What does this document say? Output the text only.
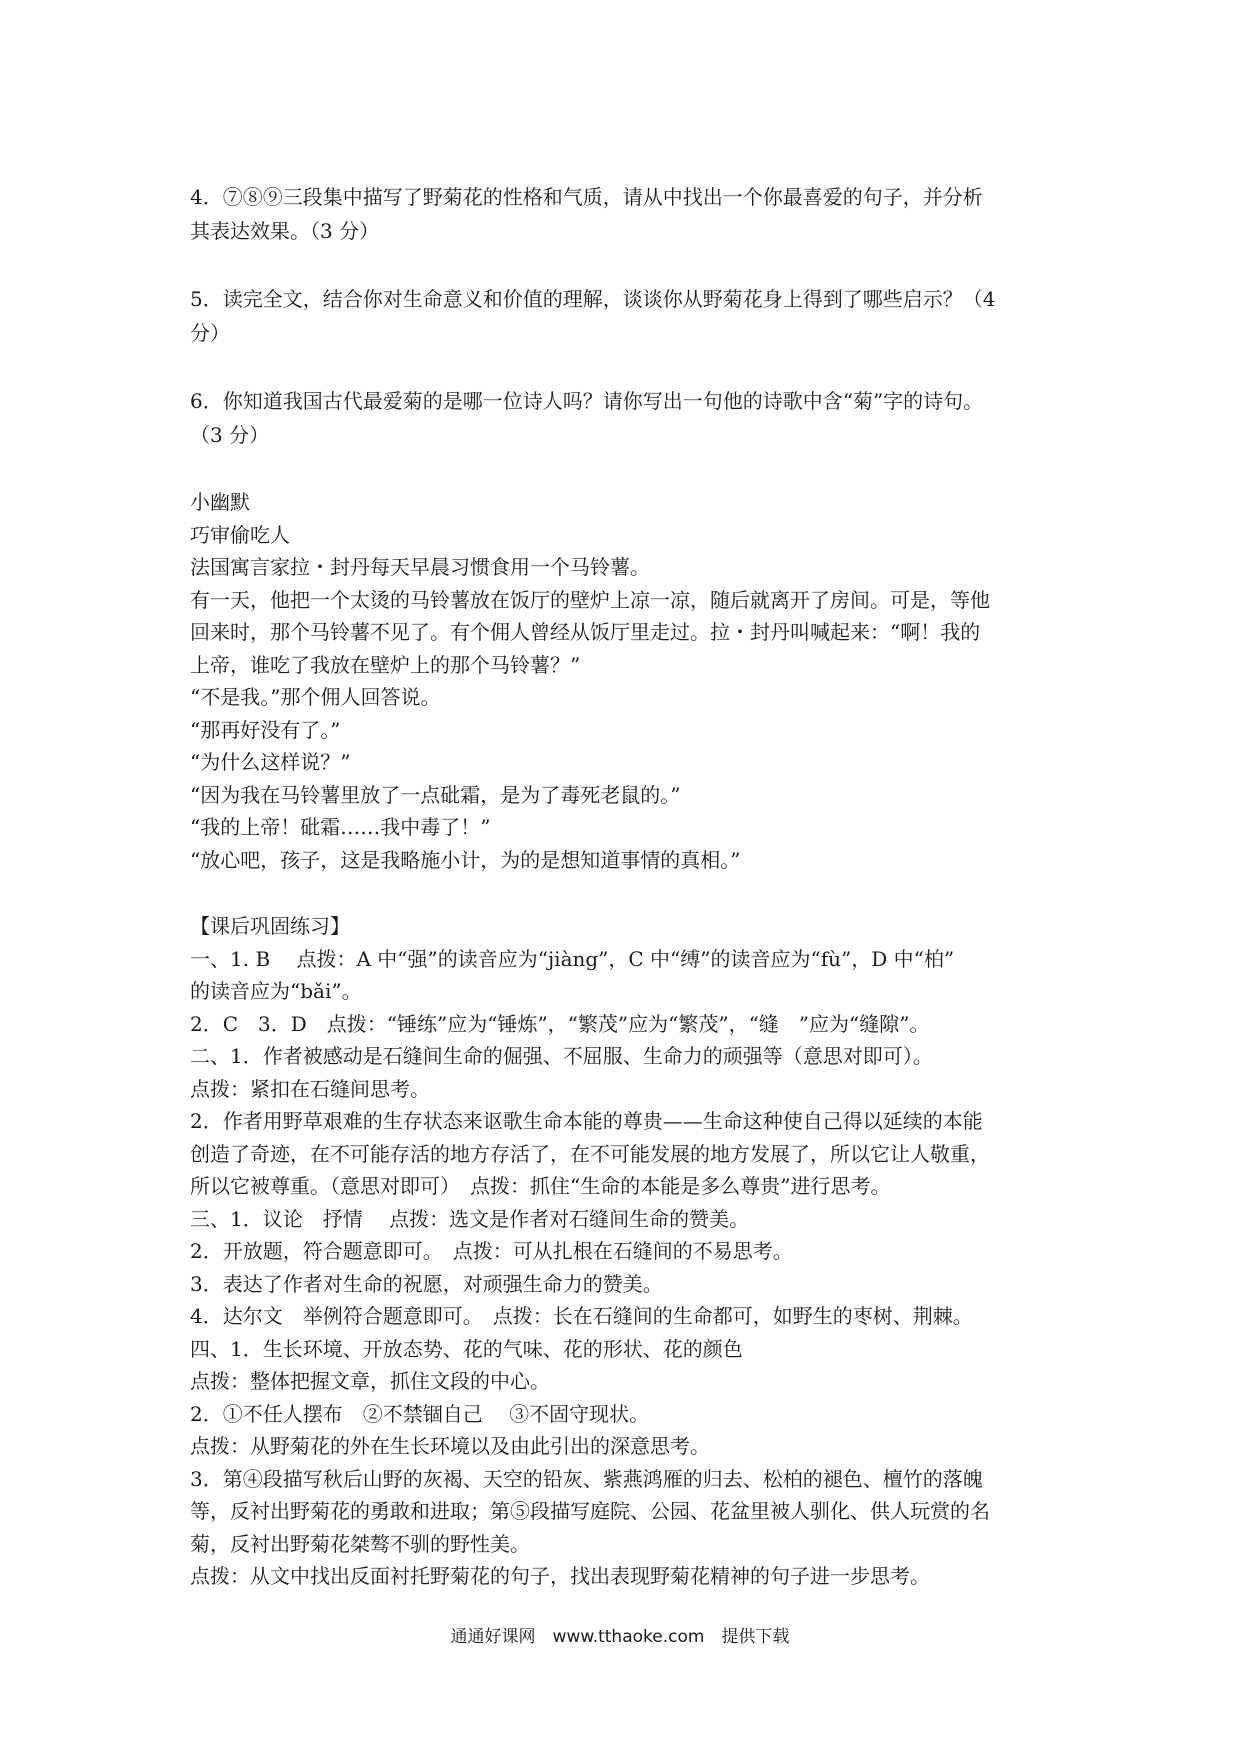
4．⑦⑧⑨三段集中描写了野菊花的性格和气质，请从中找出一个你最喜爱的句子，并分析
其表达效果。（3 分）

5．读完全文，结合你对生命意义和价值的理解，谈谈你从野菊花身上得到了哪些启示？（4
分）

6．你知道我国古代最爱菊的是哪一位诗人吗？请你写出一句他的诗歌中含“菊”字的诗句。
（3 分）

小幽默
巧审偷吃人
法国寓言家拉・封丹每天早晨习惯食用一个马铃薯。
有一天，他把一个太烫的马铃薯放在饭厅的壁炉上凉一凉，随后就离开了房间。可是，等他
回来时，那个马铃薯不见了。有个佣人曾经从饭厅里走过。拉・封丹叫喊起来：“啊！我的
上帝，谁吃了我放在壁炉上的那个马铃薯？”
“不是我。”那个佣人回答说。
“那再好没有了。”
“为什么这样说？”
“因为我在马铃薯里放了一点砒霜，是为了毒死老鼠的。”
“我的上帝！砒霜……我中毒了！”
“放心吧，孩子，这是我略施小计，为的是想知道事情的真相。”
【课后巩固练习】
一、1. B　 点拨：A 中“强”的读音应为“jiàng”，C 中“缚”的读音应为“fù”，D 中“柏”
的读音应为“bǎi”。
2．C　3．D　点拨：“锤练”应为“锤炼”，“繁茂”应为“繁茂”，“缝　”应为“缝隙”。
二、1．作者被感动是石缝间生命的倔强、不屈服、生命力的顽强等（意思对即可）。
点拨：紧扣在石缝间思考。
2．作者用野草艰难的生存状态来讴歌生命本能的尊贵——生命这种使自己得以延续的本能
创造了奇迹，在不可能存活的地方存活了，在不可能发展的地方发展了，所以它让人敬重，
所以它被尊重。（意思对即可）　点拨：抓住“生命的本能是多么尊贵”进行思考。
三、1．议论　抒情　 点拨：选文是作者对石缝间生命的赞美。
2．开放题，符合题意即可。　点拨：可从扎根在石缝间的不易思考。
3．表达了作者对生命的祝愿，对顽强生命力的赞美。
4．达尔文　举例符合题意即可。　点拨：长在石缝间的生命都可，如野生的枣树、荆棘。
四、1．生长环境、开放态势、花的气味、花的形状、花的颜色
点拨：整体把握文章，抓住文段的中心。
2．①不任人摆布　②不禁锢自己　 ③不固守现状。
点拨：从野菊花的外在生长环境以及由此引出的深意思考。
3．第④段描写秋后山野的灰褐、天空的铅灰、紫燕鸿雁的归去、松柏的褪色、檀竹的落魄
等，反衬出野菊花的勇敢和进取；第⑤段描写庭院、公园、花盆里被人驯化、供人玩赏的名
菊，反衬出野菊花桀骜不驯的野性美。
点拨：从文中找出反面衬托野菊花的句子，找出表现野菊花精神的句子进一步思考。
通通好课网　www.tthaoke.com　提供下载
